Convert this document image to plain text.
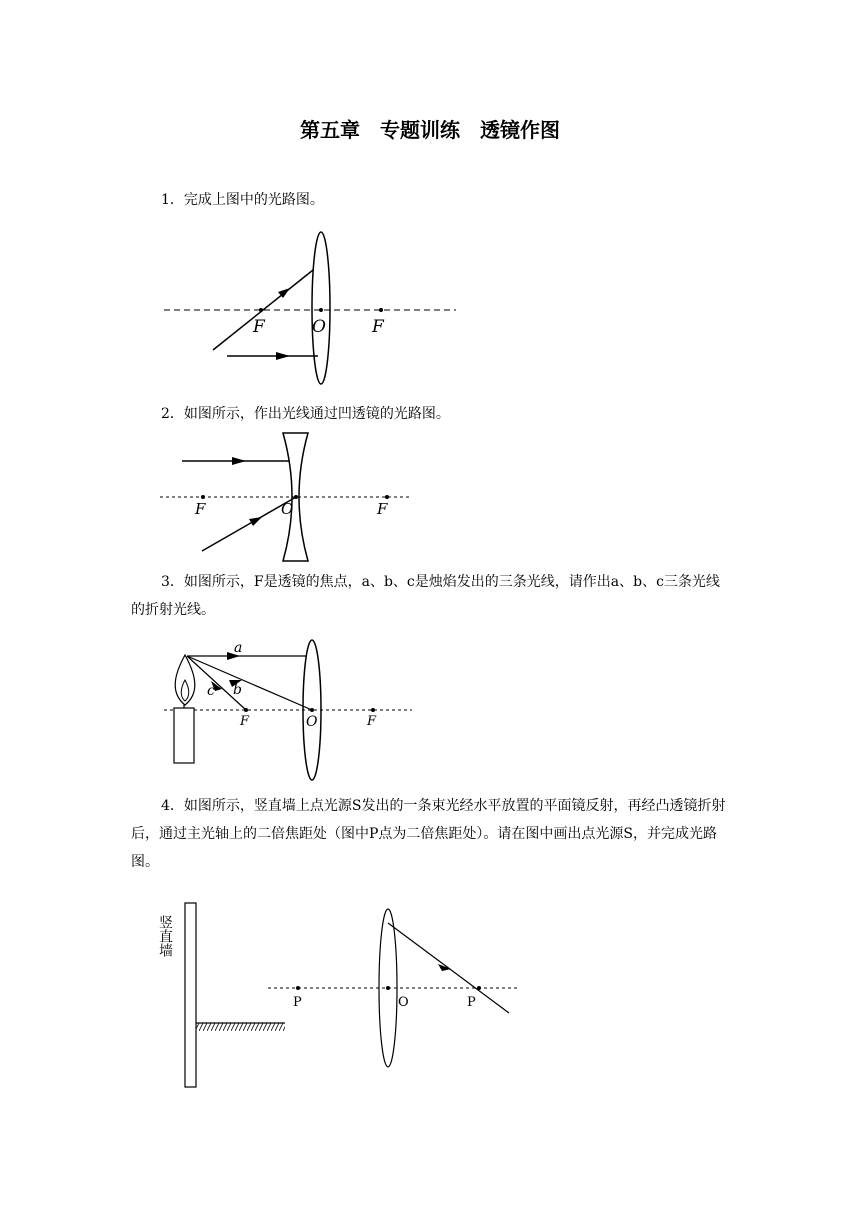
第五章　专题训练　透镜作图
1．完成上图中的光路图。
F	O	F
2．如图所示，作出光线通过凹透镜的光路图。
F	O	F
3．如图所示，F是透镜的焦点，a、b、c是烛焰发出的三条光线，请作出a、b、c三条光线的折射光线。
a
b
c
F	O	F
4．如图所示，竖直墙上点光源S发出的一条束光经水平放置的平面镜反射，再经凸透镜折射后，通过主光轴上的二倍焦距处（图中P点为二倍焦距处）。请在图中画出点光源S，并完成光路图。
竖直墙
P	O	P
